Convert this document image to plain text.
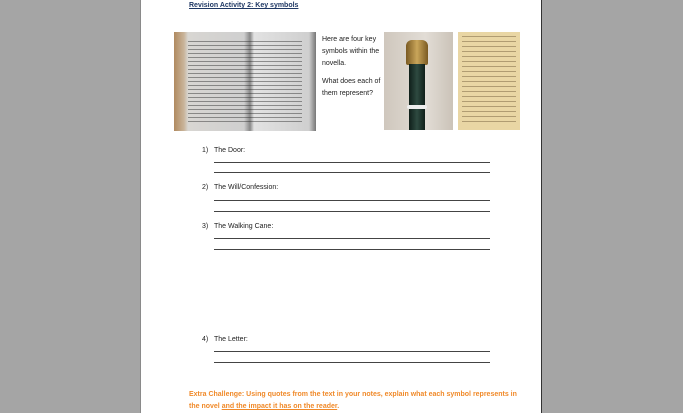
Revision Activity 2: Key symbols

Here are four key symbols within the novella.

What does each of them represent?

1) The Door:
2) The Will/Confession:
3) The Walking Cane:
4) The Letter:
Extra Challenge: Using quotes from the text in your notes, explain what each symbol represents in the novel and the impact it has on the reader.
